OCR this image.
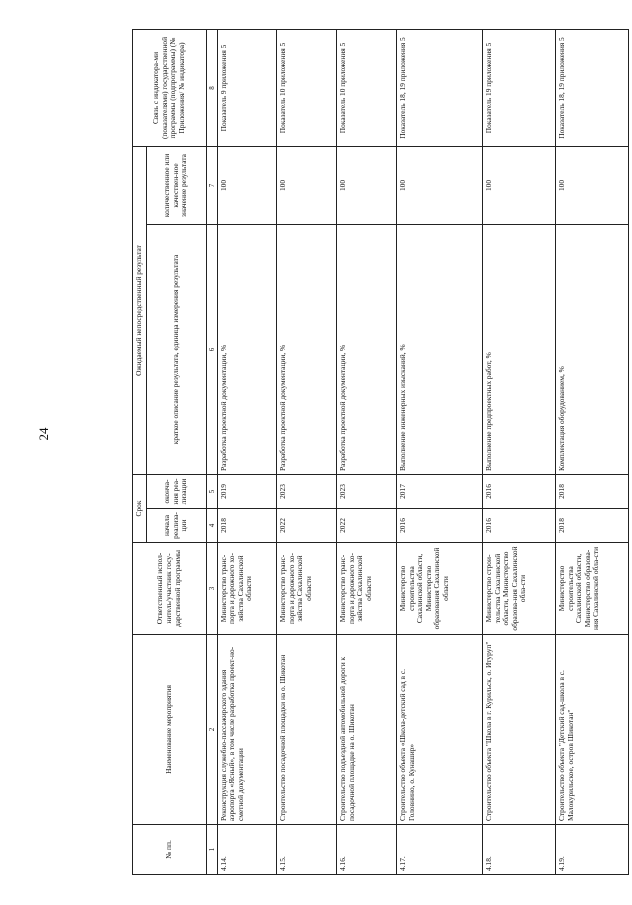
24
№ пп.	Наименование мероприятия	Ответственный испол-нитель/участник госу-дарственной программы	Срок		Ожидаемый непосредственный результат		Связь с индикатора-ми (показателями) государственной программы (подпрограммы) (№ Приложения/ № индикатора)
			начала реализа-ции	оконча-ния реа-лизации	краткое описание результата, единица измерения результата	количественное или качествен-ное значение результата	
1	2	3	4	5	6	7	8
4.14.	Реконструкция служебно-пассажирского здания аэропорта «Ясный», в том числе разработка проект-но-сметной документации	Министерство транс-порта и дорожного хо-зяйства Сахалинской области	2018	2019	Разработка проектной документации, %	100	Показатель 9 приложения 5
4.15.	Строительство посадочной площадки на о. Шикотан	Министерство транс-порта и дорожного хо-зяйства Сахалинской области	2022	2023	Разработка проектной документации, %	100	Показатель 10 приложения 5
4.16.	Строительство подъездной автомобильной дороги к посадочной площадке на о. Шикотан	Министерство транс-порта и дорожного хо-зяйства Сахалинской области	2022	2023	Разработка проектной документации, %	100	Показатель 10 приложения 5
4.17.	Строительство объекта «Школа-детский сад в с. Головнино, о. Кунашир»	Министерство строительства Сахалинской области, Министерство образования Сахалинской области	2016	2017	Выполнение инженерных изысканий, %	100	Показатель 18, 19 приложения 5
4.18.	Строительство объекта "Школа в г. Курильск, о. Итуруп"	Министерство строи-тельства Сахалинской области, Министерство образова-ния Сахалинской обла-сти	2016	2016	Выполнение предпроектных работ, %	100	Показатель 19 приложения 5
4.19.	Строительство объекта "Детский сад-школа в с. Малокурильское, остров Шикотан"	Министерство строительства Сахалинской области, Министерство образова-ния Сахалинской обла-сти	2018	2018	Комплектация оборудованием, %	100	Показатель 18, 19 приложения 5
